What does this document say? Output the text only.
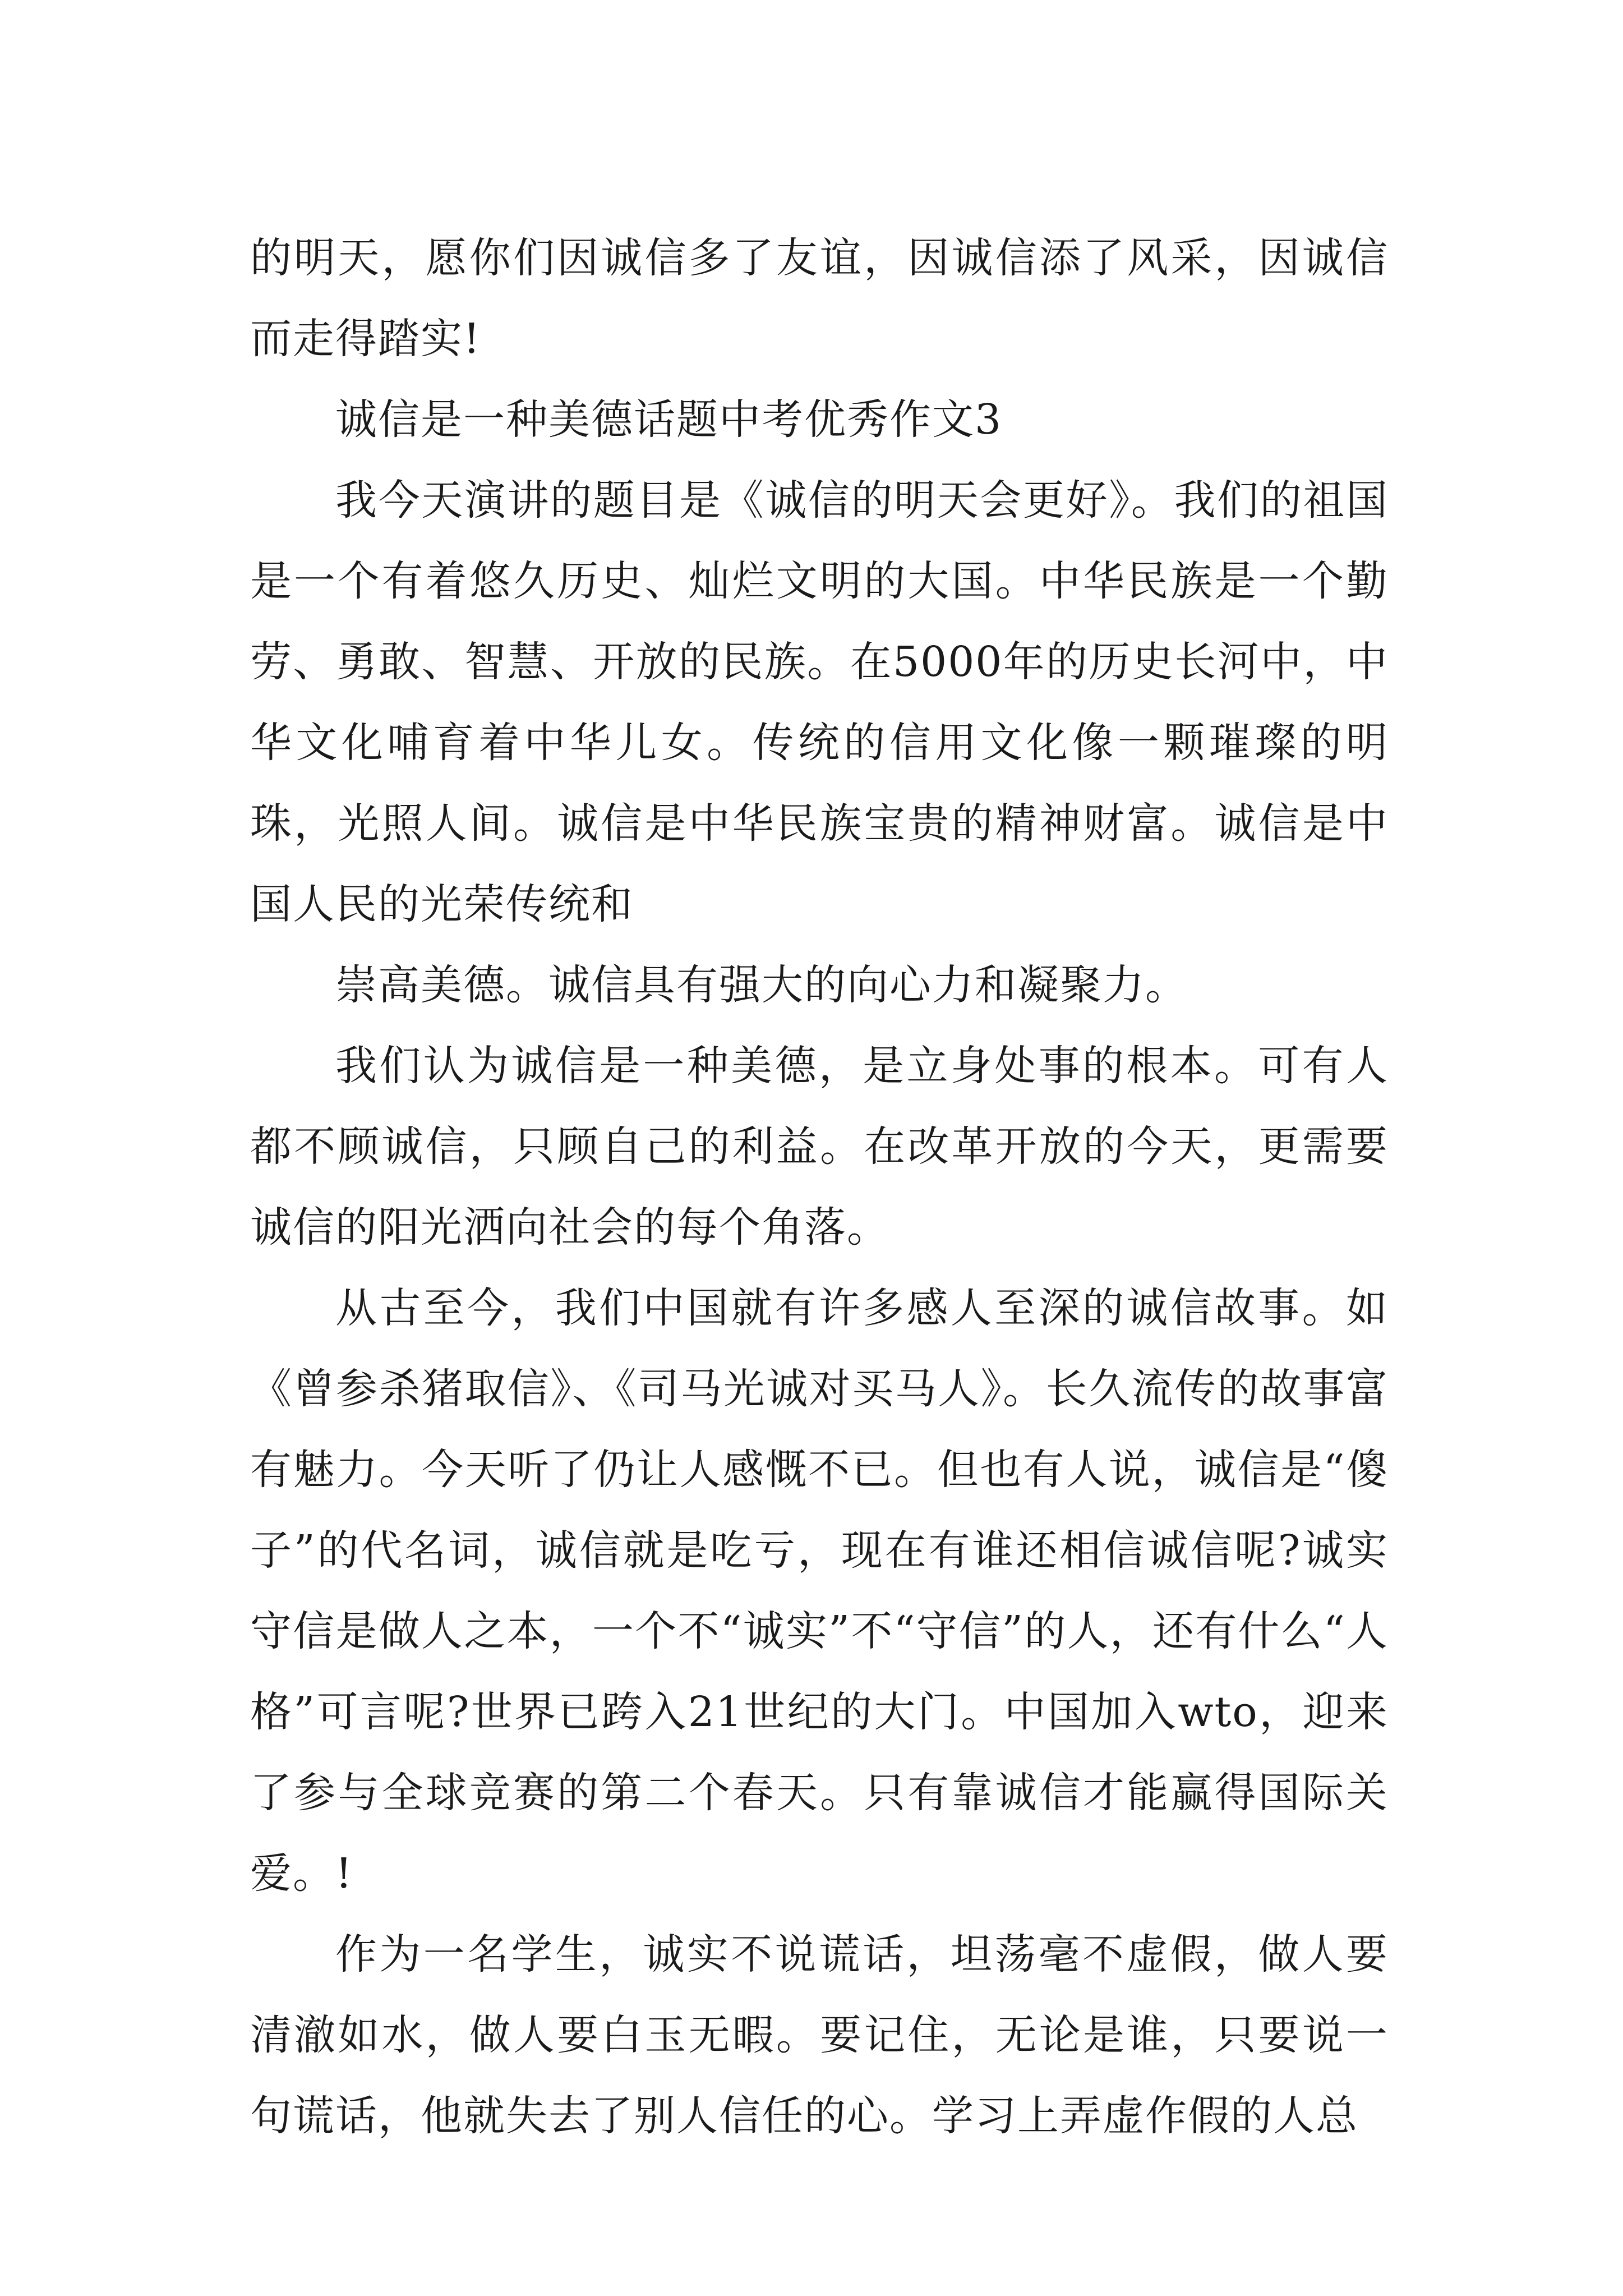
的明天，愿你们因诚信多了友谊，因诚信添了风采，因诚信而走得踏实!

诚信是一种美德话题中考优秀作文3

我今天演讲的题目是《诚信的明天会更好》。我们的祖国是一个有着悠久历史、灿烂文明的大国。中华民族是一个勤劳、勇敢、智慧、开放的民族。在5000年的历史长河中，中华文化哺育着中华儿女。传统的信用文化像一颗璀璨的明珠，光照人间。诚信是中华民族宝贵的精神财富。诚信是中国人民的光荣传统和

崇高美德。诚信具有强大的向心力和凝聚力。

我们认为诚信是一种美德，是立身处事的根本。可有人都不顾诚信，只顾自己的利益。在改革开放的今天，更需要诚信的阳光洒向社会的每个角落。

从古至今，我们中国就有许多感人至深的诚信故事。如《曾参杀猪取信》、《司马光诚对买马人》。长久流传的故事富有魅力。今天听了仍让人感慨不已。但也有人说，诚信是“傻子”的代名词，诚信就是吃亏，现在有谁还相信诚信呢?诚实守信是做人之本，一个不“诚实”不“守信”的人，还有什么“人格”可言呢?世界已跨入21世纪的大门。中国加入wto，迎来了参与全球竞赛的第二个春天。只有靠诚信才能赢得国际关爱。!

作为一名学生，诚实不说谎话，坦荡毫不虚假，做人要清澈如水，做人要白玉无暇。要记住，无论是谁，只要说一句谎话，他就失去了别人信任的心。学习上弄虚作假的人总
